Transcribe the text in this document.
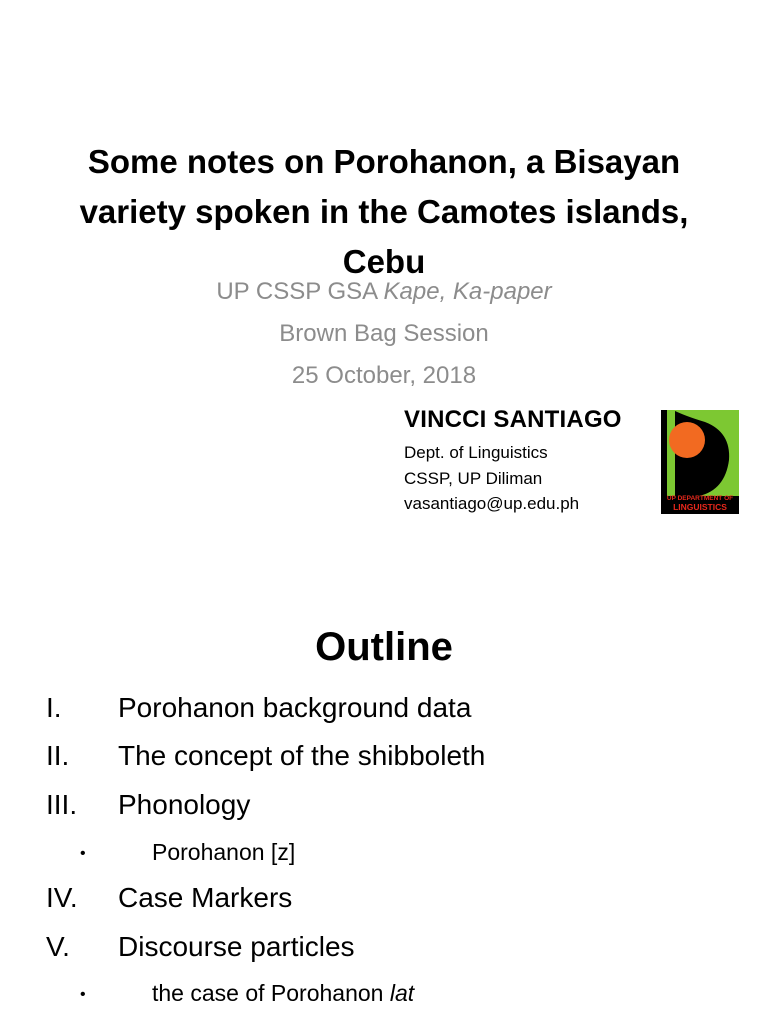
Some notes on Porohanon, a Bisayan variety spoken in the Camotes islands, Cebu

UP CSSP GSA Kape, Ka-paper

Brown Bag Session

25 October, 2018

VINCCI SANTIAGO

Dept. of Linguistics

CSSP, UP Diliman

vasantiago@up.edu.ph	UP DEPARTMENT OF

LINGUISTICS

Outline
I. Porohanon background data
II. The concept of the shibboleth
III. Phonology
•	Porohanon [z]
IV. Case Markers
V. Discourse particles
•	the case of Porohanon lat
